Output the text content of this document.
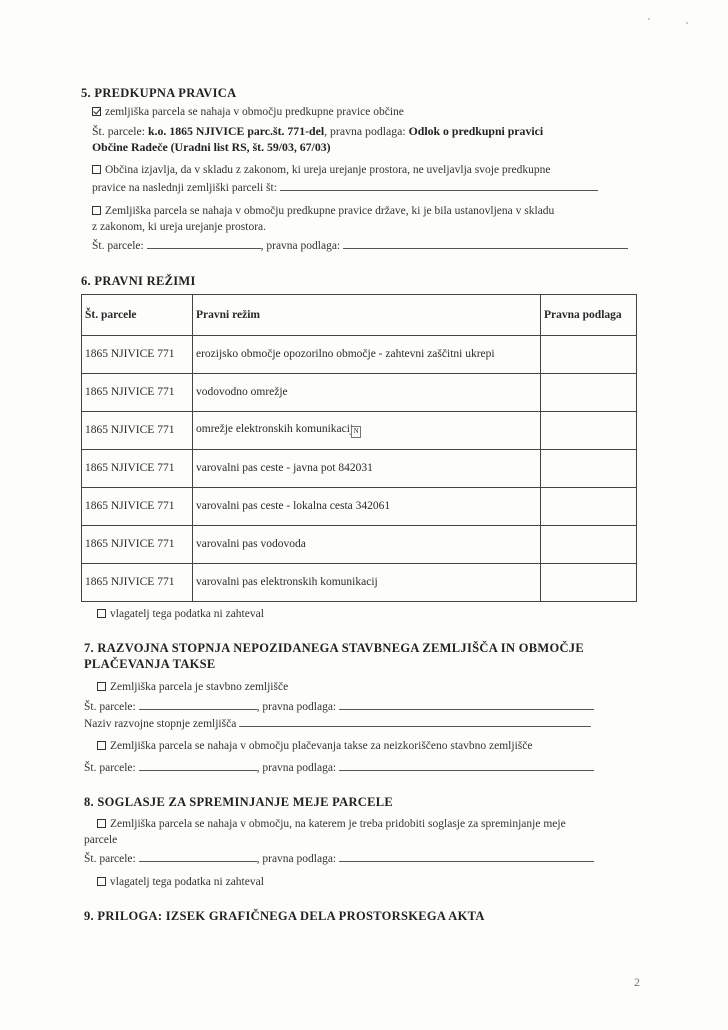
5. PREDKUPNA PRAVICA
zemljiška parcela se nahaja v območju predkupne pravice občine
Št. parcele: k.o. 1865 NJIVICE parc.št. 771-del, pravna podlaga: Odlok o predkupni pravici
Občine Radeče (Uradni list RS, št. 59/03, 67/03)
Občina izjavlja, da v skladu z zakonom, ki ureja urejanje prostora, ne uveljavlja svoje predkupne
pravice na naslednji zemljiški parceli št:
Zemljiška parcela se nahaja v območju predkupne pravice države, ki je bila ustanovljena v skladu
z zakonom, ki ureja urejanje prostora.
Št. parcele:	, pravna podlaga:
6. PRAVNI REŽIMI
Št. parcele	Pravni režim	Pravna podlaga
1865 NJIVICE 771	erozijsko območje opozorilno območje - zahtevni zaščitni ukrepi	
1865 NJIVICE 771	vodovodno omrežje	
1865 NJIVICE 771	omrežje elektronskih komunikacijN	
1865 NJIVICE 771	varovalni pas ceste - javna pot 842031	
1865 NJIVICE 771	varovalni pas ceste - lokalna cesta 342061	
1865 NJIVICE 771	varovalni pas vodovoda	
1865 NJIVICE 771	varovalni pas elektronskih komunikacij	
vlagatelj tega podatka ni zahteval
7. RAZVOJNA STOPNJA NEPOZIDANEGA STAVBNEGA ZEMLJIŠČA IN OBMOČJE
PLAČEVANJA TAKSE
Zemljiška parcela je stavbno zemljišče
Št. parcele:	, pravna podlaga:
Naziv razvojne stopnje zemljišča
Zemljiška parcela se nahaja v območju plačevanja takse za neizkoriščeno stavbno zemljišče
Št. parcele:	, pravna podlaga:
8. SOGLASJE ZA SPREMINJANJE MEJE PARCELE
Zemljiška parcela se nahaja v območju, na katerem je treba pridobiti soglasje za spreminjanje meje
parcele
Št. parcele:	, pravna podlaga:
vlagatelj tega podatka ni zahteval
9. PRILOGA: IZSEK GRAFIČNEGA DELA PROSTORSKEGA AKTA
2
